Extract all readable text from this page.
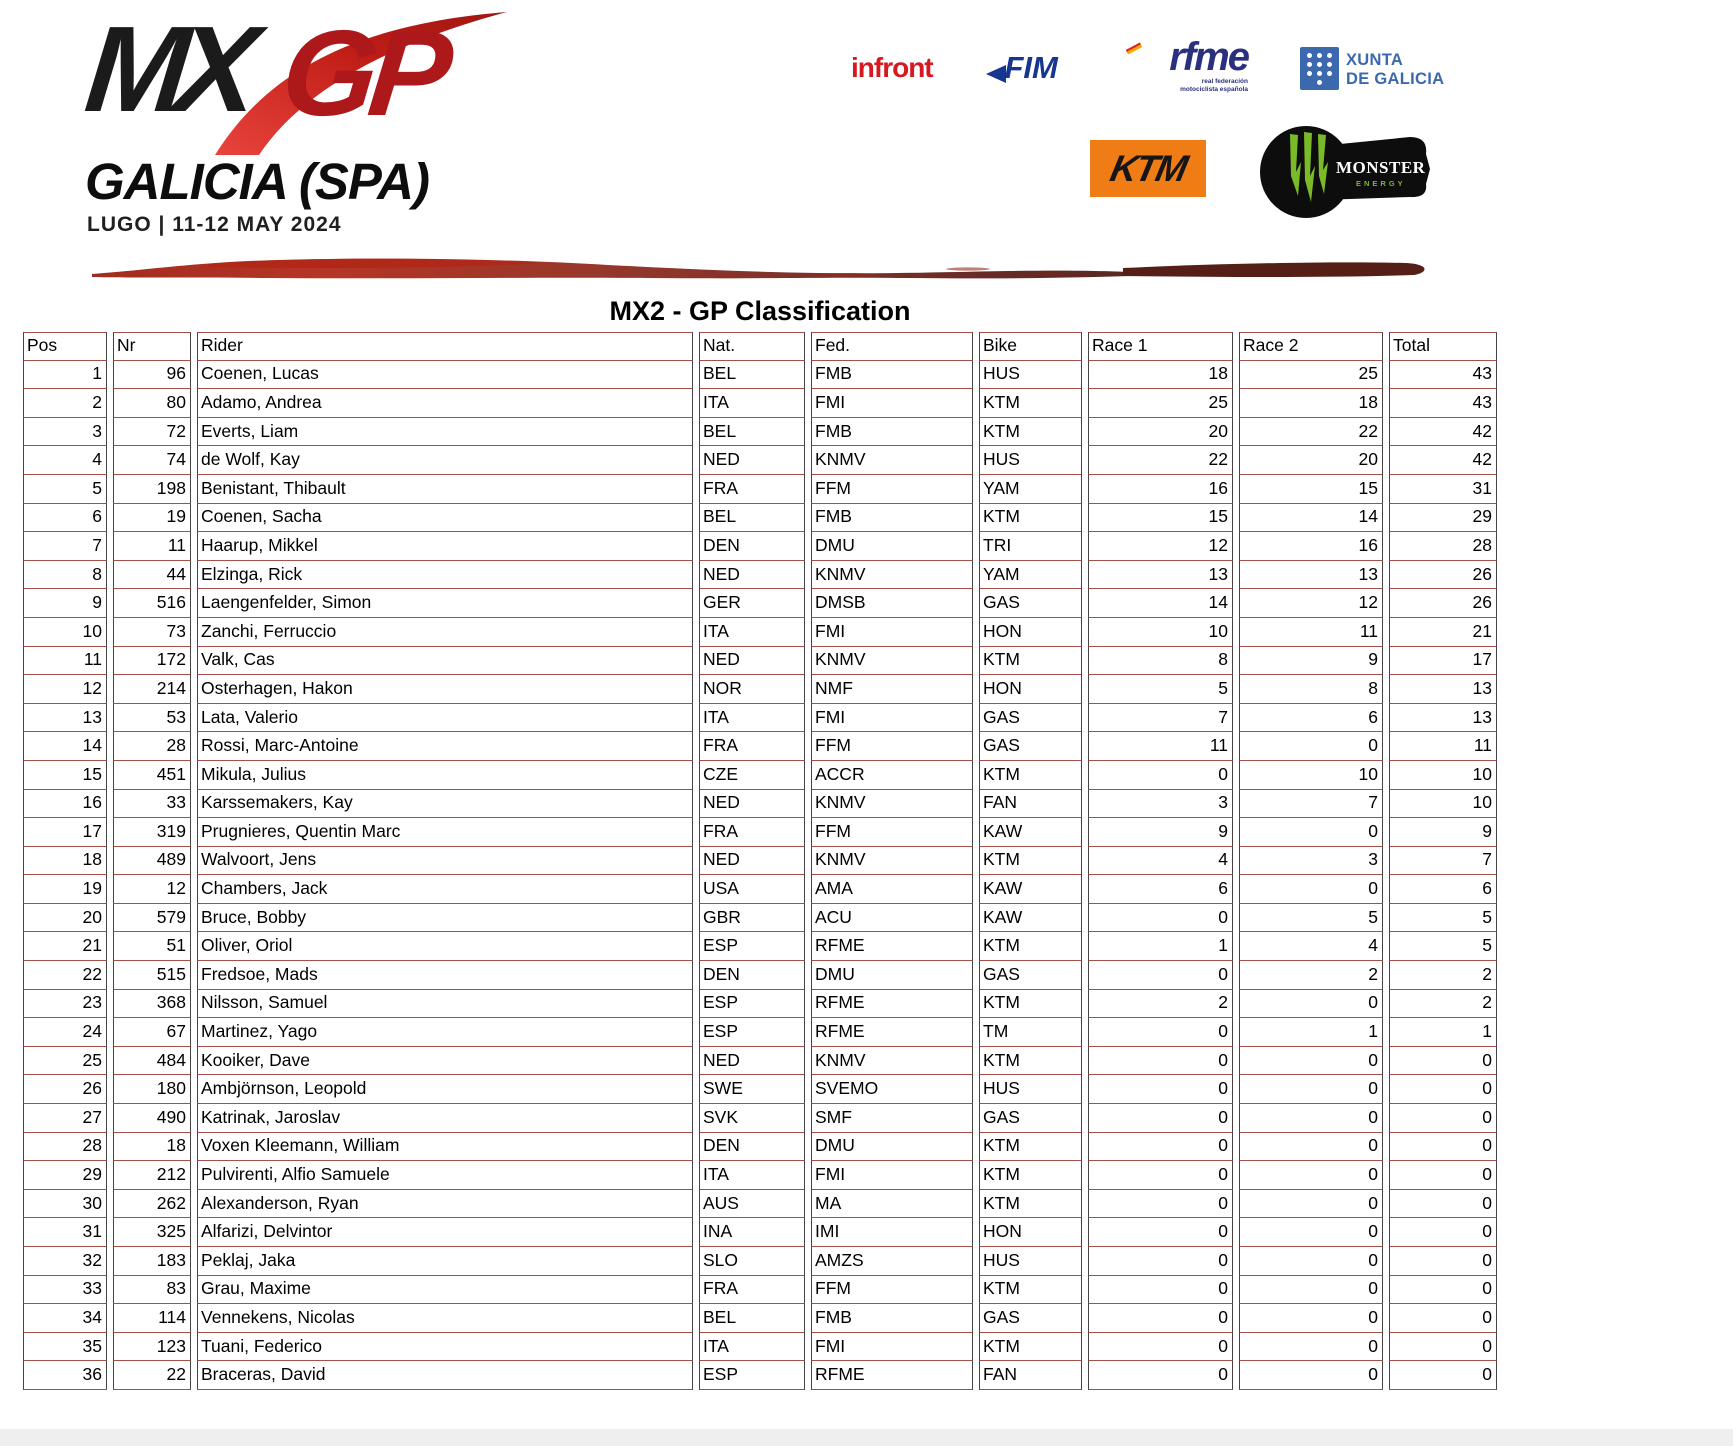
MX GP
GALICIA (SPA)
LUGO | 11-12 MAY 2024
infront	FIM	rfme
real federación
motociclista española
XUNTA
DE GALICIA
KTM	MONSTER
ENERGY
MX2 - GP Classification
Pos	Nr	Rider	Nat.	Fed.	Bike	Race 1	Race 2	Total
1	96	Coenen, Lucas	BEL	FMB	HUS	18	25	43
2	80	Adamo, Andrea	ITA	FMI	KTM	25	18	43
3	72	Everts, Liam	BEL	FMB	KTM	20	22	42
4	74	de Wolf, Kay	NED	KNMV	HUS	22	20	42
5	198	Benistant, Thibault	FRA	FFM	YAM	16	15	31
6	19	Coenen, Sacha	BEL	FMB	KTM	15	14	29
7	11	Haarup, Mikkel	DEN	DMU	TRI	12	16	28
8	44	Elzinga, Rick	NED	KNMV	YAM	13	13	26
9	516	Laengenfelder, Simon	GER	DMSB	GAS	14	12	26
10	73	Zanchi, Ferruccio	ITA	FMI	HON	10	11	21
11	172	Valk, Cas	NED	KNMV	KTM	8	9	17
12	214	Osterhagen, Hakon	NOR	NMF	HON	5	8	13
13	53	Lata, Valerio	ITA	FMI	GAS	7	6	13
14	28	Rossi, Marc-Antoine	FRA	FFM	GAS	11	0	11
15	451	Mikula, Julius	CZE	ACCR	KTM	0	10	10
16	33	Karssemakers, Kay	NED	KNMV	FAN	3	7	10
17	319	Prugnieres, Quentin Marc	FRA	FFM	KAW	9	0	9
18	489	Walvoort, Jens	NED	KNMV	KTM	4	3	7
19	12	Chambers, Jack	USA	AMA	KAW	6	0	6
20	579	Bruce, Bobby	GBR	ACU	KAW	0	5	5
21	51	Oliver, Oriol	ESP	RFME	KTM	1	4	5
22	515	Fredsoe, Mads	DEN	DMU	GAS	0	2	2
23	368	Nilsson, Samuel	ESP	RFME	KTM	2	0	2
24	67	Martinez, Yago	ESP	RFME	TM	0	1	1
25	484	Kooiker, Dave	NED	KNMV	KTM	0	0	0
26	180	Ambjörnson, Leopold	SWE	SVEMO	HUS	0	0	0
27	490	Katrinak, Jaroslav	SVK	SMF	GAS	0	0	0
28	18	Voxen Kleemann, William	DEN	DMU	KTM	0	0	0
29	212	Pulvirenti, Alfio Samuele	ITA	FMI	KTM	0	0	0
30	262	Alexanderson, Ryan	AUS	MA	KTM	0	0	0
31	325	Alfarizi, Delvintor	INA	IMI	HON	0	0	0
32	183	Peklaj, Jaka	SLO	AMZS	HUS	0	0	0
33	83	Grau, Maxime	FRA	FFM	KTM	0	0	0
34	114	Vennekens, Nicolas	BEL	FMB	GAS	0	0	0
35	123	Tuani, Federico	ITA	FMI	KTM	0	0	0
36	22	Braceras, David	ESP	RFME	FAN	0	0	0
